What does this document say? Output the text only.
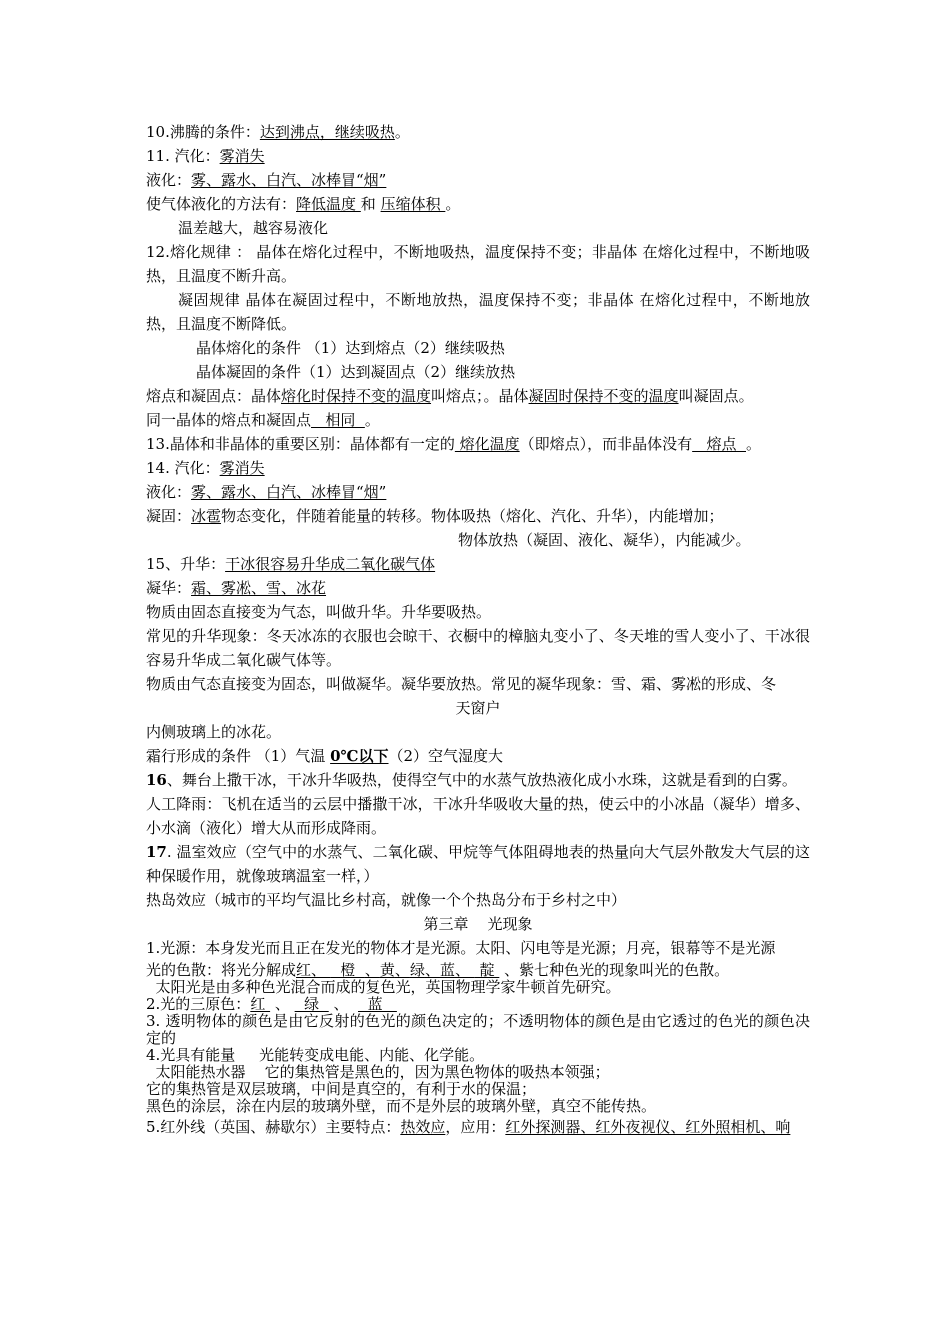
10.沸腾的条件：达到沸点，继续吸热。
11. 汽化：雾消失
液化：雾、露水、白汽、冰棒冒“烟”
使气体液化的方法有：降低温度 和 压缩体积 。
温差越大，越容易液化
12.熔化规律 ： 晶体在熔化过程中，不断地吸热，温度保持不变；非晶体 在熔化过程中，不断地吸热，且温度不断升高。
凝固规律 晶体在凝固过程中，不断地放热，温度保持不变；非晶体 在熔化过程中，不断地放热，且温度不断降低。
晶体熔化的条件 （1）达到熔点（2）继续吸热
晶体凝固的条件（1）达到凝固点（2）继续放热
熔点和凝固点：晶体熔化时保持不变的温度叫熔点；。晶体凝固时保持不变的温度叫凝固点。
同一晶体的熔点和凝固点   相同  。
13.晶体和非晶体的重要区别：晶体都有一定的 熔化温度（即熔点），而非晶体没有   熔点  。
14. 汽化：雾消失
液化：雾、露水、白汽、冰棒冒“烟”
凝固：冰雹物态变化，伴随着能量的转移。物体吸热（熔化、汽化、升华），内能增加；
物体放热（凝固、液化、凝华），内能减少。
15、升华：干冰很容易升华成二氧化碳气体
凝华：霜、雾凇、雪、冰花
物质由固态直接变为气态，叫做升华。升华要吸热。
常见的升华现象：冬天冰冻的衣服也会晾干、衣橱中的樟脑丸变小了、冬天堆的雪人变小了、干冰很容易升华成二氧化碳气体等。
物质由气态直接变为固态，叫做凝华。凝华要放热。常见的凝华现象：雪、霜、雾凇的形成、冬
天窗户
内侧玻璃上的冰花。
霜行形成的条件 （1）气温 0℃以下（2）空气湿度大
16、舞台上撒干冰，干冰升华吸热，使得空气中的水蒸气放热液化成小水珠，这就是看到的白雾。
人工降雨：飞机在适当的云层中播撒干冰，干冰升华吸收大量的热，使云中的小冰晶（凝华）增多、小水滴（液化）增大从而形成降雨。
17. 温室效应（空气中的水蒸气、二氧化碳、甲烷等气体阻碍地表的热量向大气层外散发大气层的这种保暖作用，就像玻璃温室一样，）
热岛效应（城市的平均气温比乡村高，就像一个个热岛分布于乡村之中）
第三章    光现象
1.光源：本身发光而且正在发光的物体才是光源。太阳、闪电等是光源；月亮，银幕等不是光源
光的色散：将光分解成红、   橙  、黄、绿、蓝、  靛  、紫七种色光的现象叫光的色散。
太阳光是由多种色光混合而成的复色光，英国物理学家牛顿首先研究。
2.光的三原色：红  、   绿   、    蓝
3. 透明物体的颜色是由它反射的色光的颜色决定的；不透明物体的颜色是由它透过的色光的颜色决定的
4.光具有能量     光能转变成电能、内能、化学能。
太阳能热水器    它的集热管是黑色的，因为黑色物体的吸热本领强；
它的集热管是双层玻璃，中间是真空的，有利于水的保温；
黑色的涂层，涂在内层的玻璃外壁，而不是外层的玻璃外壁，真空不能传热。
5.红外线（英国、赫歇尔）主要特点：热效应，应用：红外探测器、红外夜视仪、红外照相机、响
